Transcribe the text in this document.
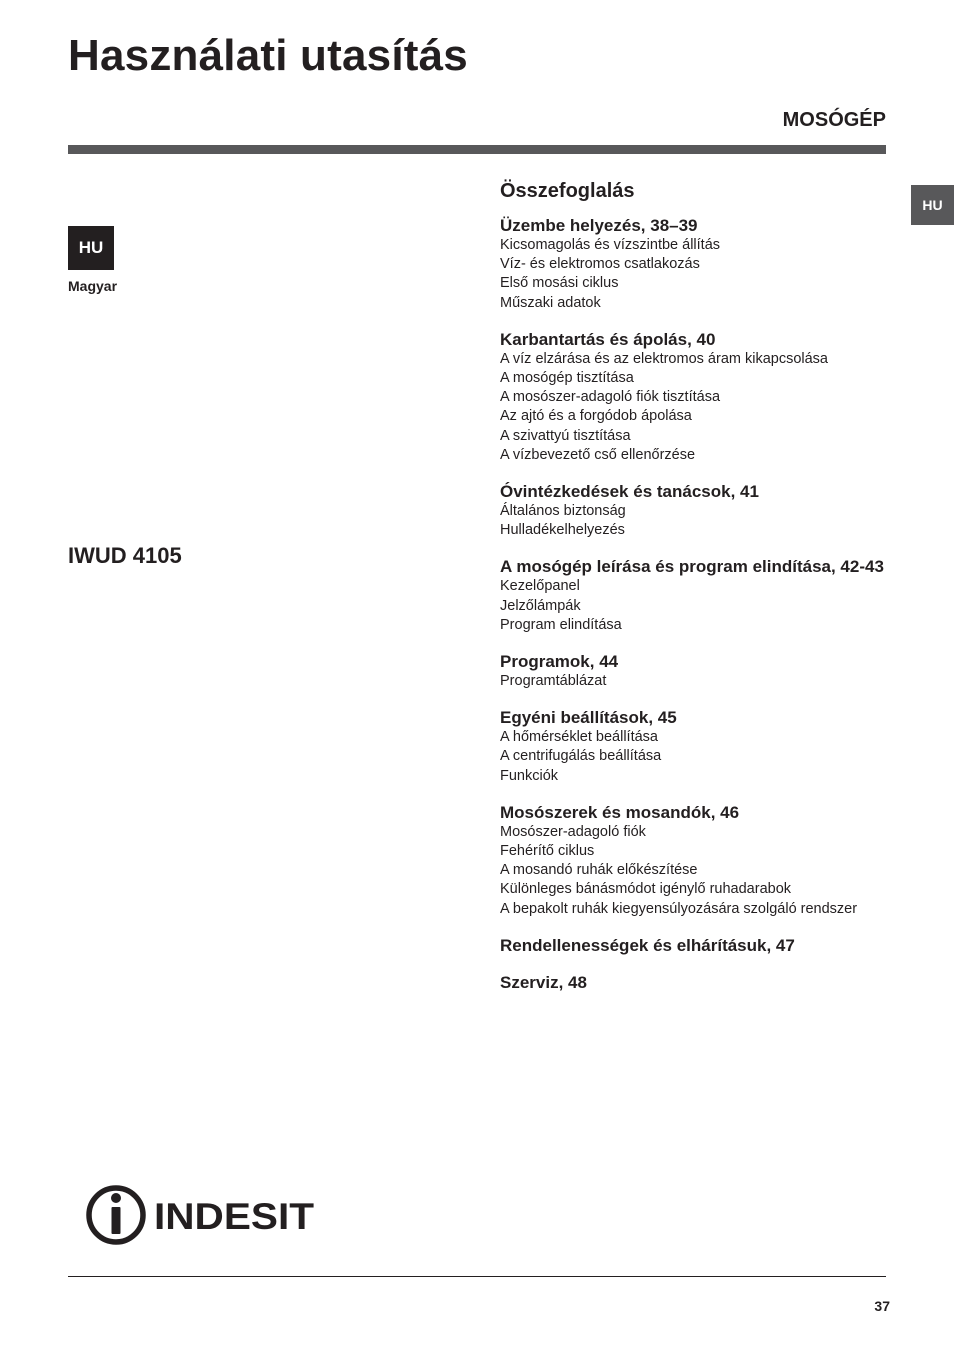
Használati utasítás
MOSÓGÉP
HU
Magyar
HU
IWUD 4105
Összefoglalás
Üzembe helyezés, 38–39
Kicsomagolás és vízszintbe állítás
Víz- és elektromos csatlakozás
Első mosási ciklus
Műszaki adatok
Karbantartás és ápolás, 40
A víz elzárása és az elektromos áram kikapcsolása
A mosógép tisztítása
A mosószer-adagoló fiók tisztítása
Az ajtó és a forgódob ápolása
A szivattyú tisztítása
A vízbevezető cső ellenőrzése
Óvintézkedések és tanácsok, 41
Általános biztonság
Hulladékelhelyezés
A mosógép leírása és program elindítása, 42-43
Kezelőpanel
Jelzőlámpák
Program elindítása
Programok, 44
Programtáblázat
Egyéni beállítások, 45
A hőmérséklet beállítása
A centrifugálás beállítása
Funkciók
Mosószerek és mosandók, 46
Mosószer-adagoló fiók
Fehérítő ciklus
A mosandó ruhák előkészítése
Különleges bánásmódot igénylő ruhadarabok
A bepakolt ruhák kiegyensúlyozására szolgáló rendszer
Rendellenességek és elhárításuk, 47
Szerviz, 48
INDESIT
37
